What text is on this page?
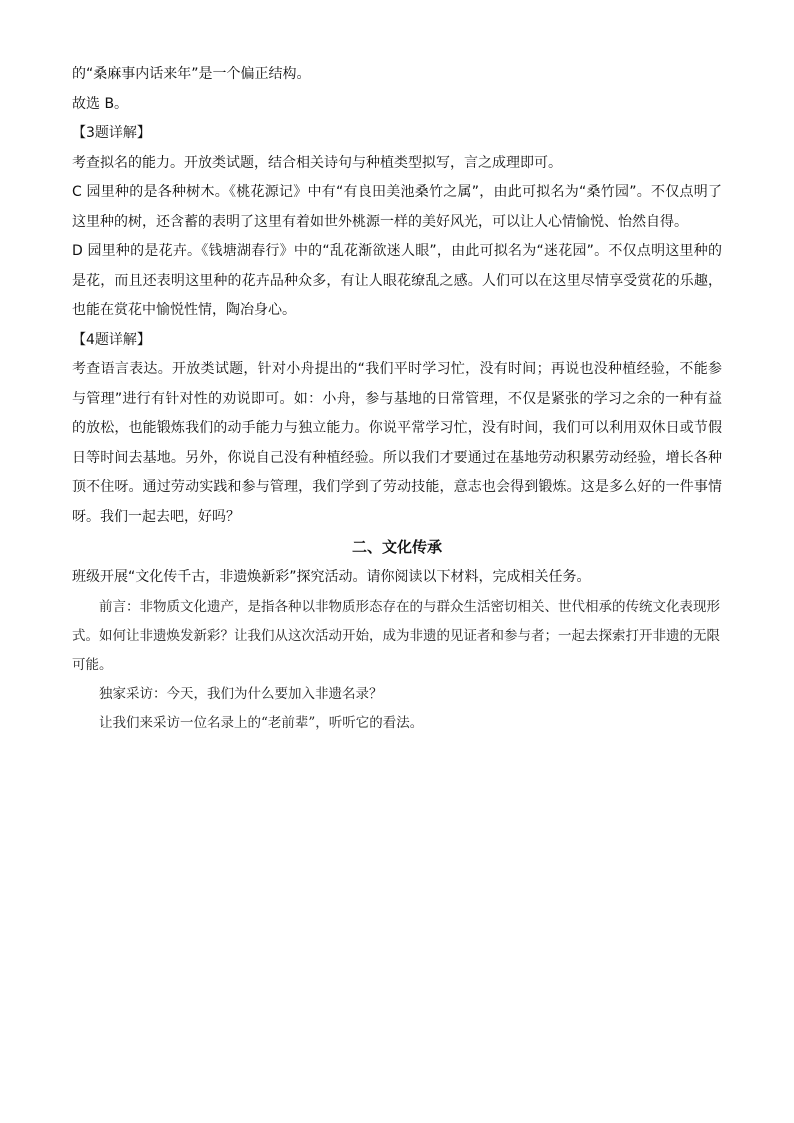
的“桑麻事内话来年”是一个偏正结构。

故选 B。

【3题详解】

考查拟名的能力。开放类试题，结合相关诗句与种植类型拟写，言之成理即可。

C 园里种的是各种树木。《桃花源记》中有“有良田美池桑竹之属”，由此可拟名为“桑竹园”。不仅点明了这里种的树，还含蓄的表明了这里有着如世外桃源一样的美好风光，可以让人心情愉悦、怡然自得。

D 园里种的是花卉。《钱塘湖春行》中的“乱花渐欲迷人眼”，由此可拟名为“迷花园”。不仅点明这里种的是花，而且还表明这里种的花卉品种众多，有让人眼花缭乱之感。人们可以在这里尽情享受赏花的乐趣，也能在赏花中愉悦性情，陶冶身心。

【4题详解】

考查语言表达。开放类试题，针对小舟提出的“我们平时学习忙，没有时间；再说也没种植经验，不能参与管理”进行有针对性的劝说即可。如：小舟，参与基地的日常管理，不仅是紧张的学习之余的一种有益的放松，也能锻炼我们的动手能力与独立能力。你说平常学习忙，没有时间，我们可以利用双休日或节假日等时间去基地。另外，你说自己没有种植经验。所以我们才要通过在基地劳动积累劳动经验，增长各种顶不住呀。通过劳动实践和参与管理，我们学到了劳动技能，意志也会得到锻炼。这是多么好的一件事情呀。我们一起去吧，好吗？

二、文化传承

班级开展“文化传千古，非遗焕新彩”探究活动。请你阅读以下材料，完成相关任务。

前言：非物质文化遗产，是指各种以非物质形态存在的与群众生活密切相关、世代相承的传统文化表现形式。如何让非遗焕发新彩？让我们从这次活动开始，成为非遗的见证者和参与者；一起去探索打开非遗的无限可能。

独家采访：今天，我们为什么要加入非遗名录？

让我们来采访一位名录上的“老前辈”，听听它的看法。
